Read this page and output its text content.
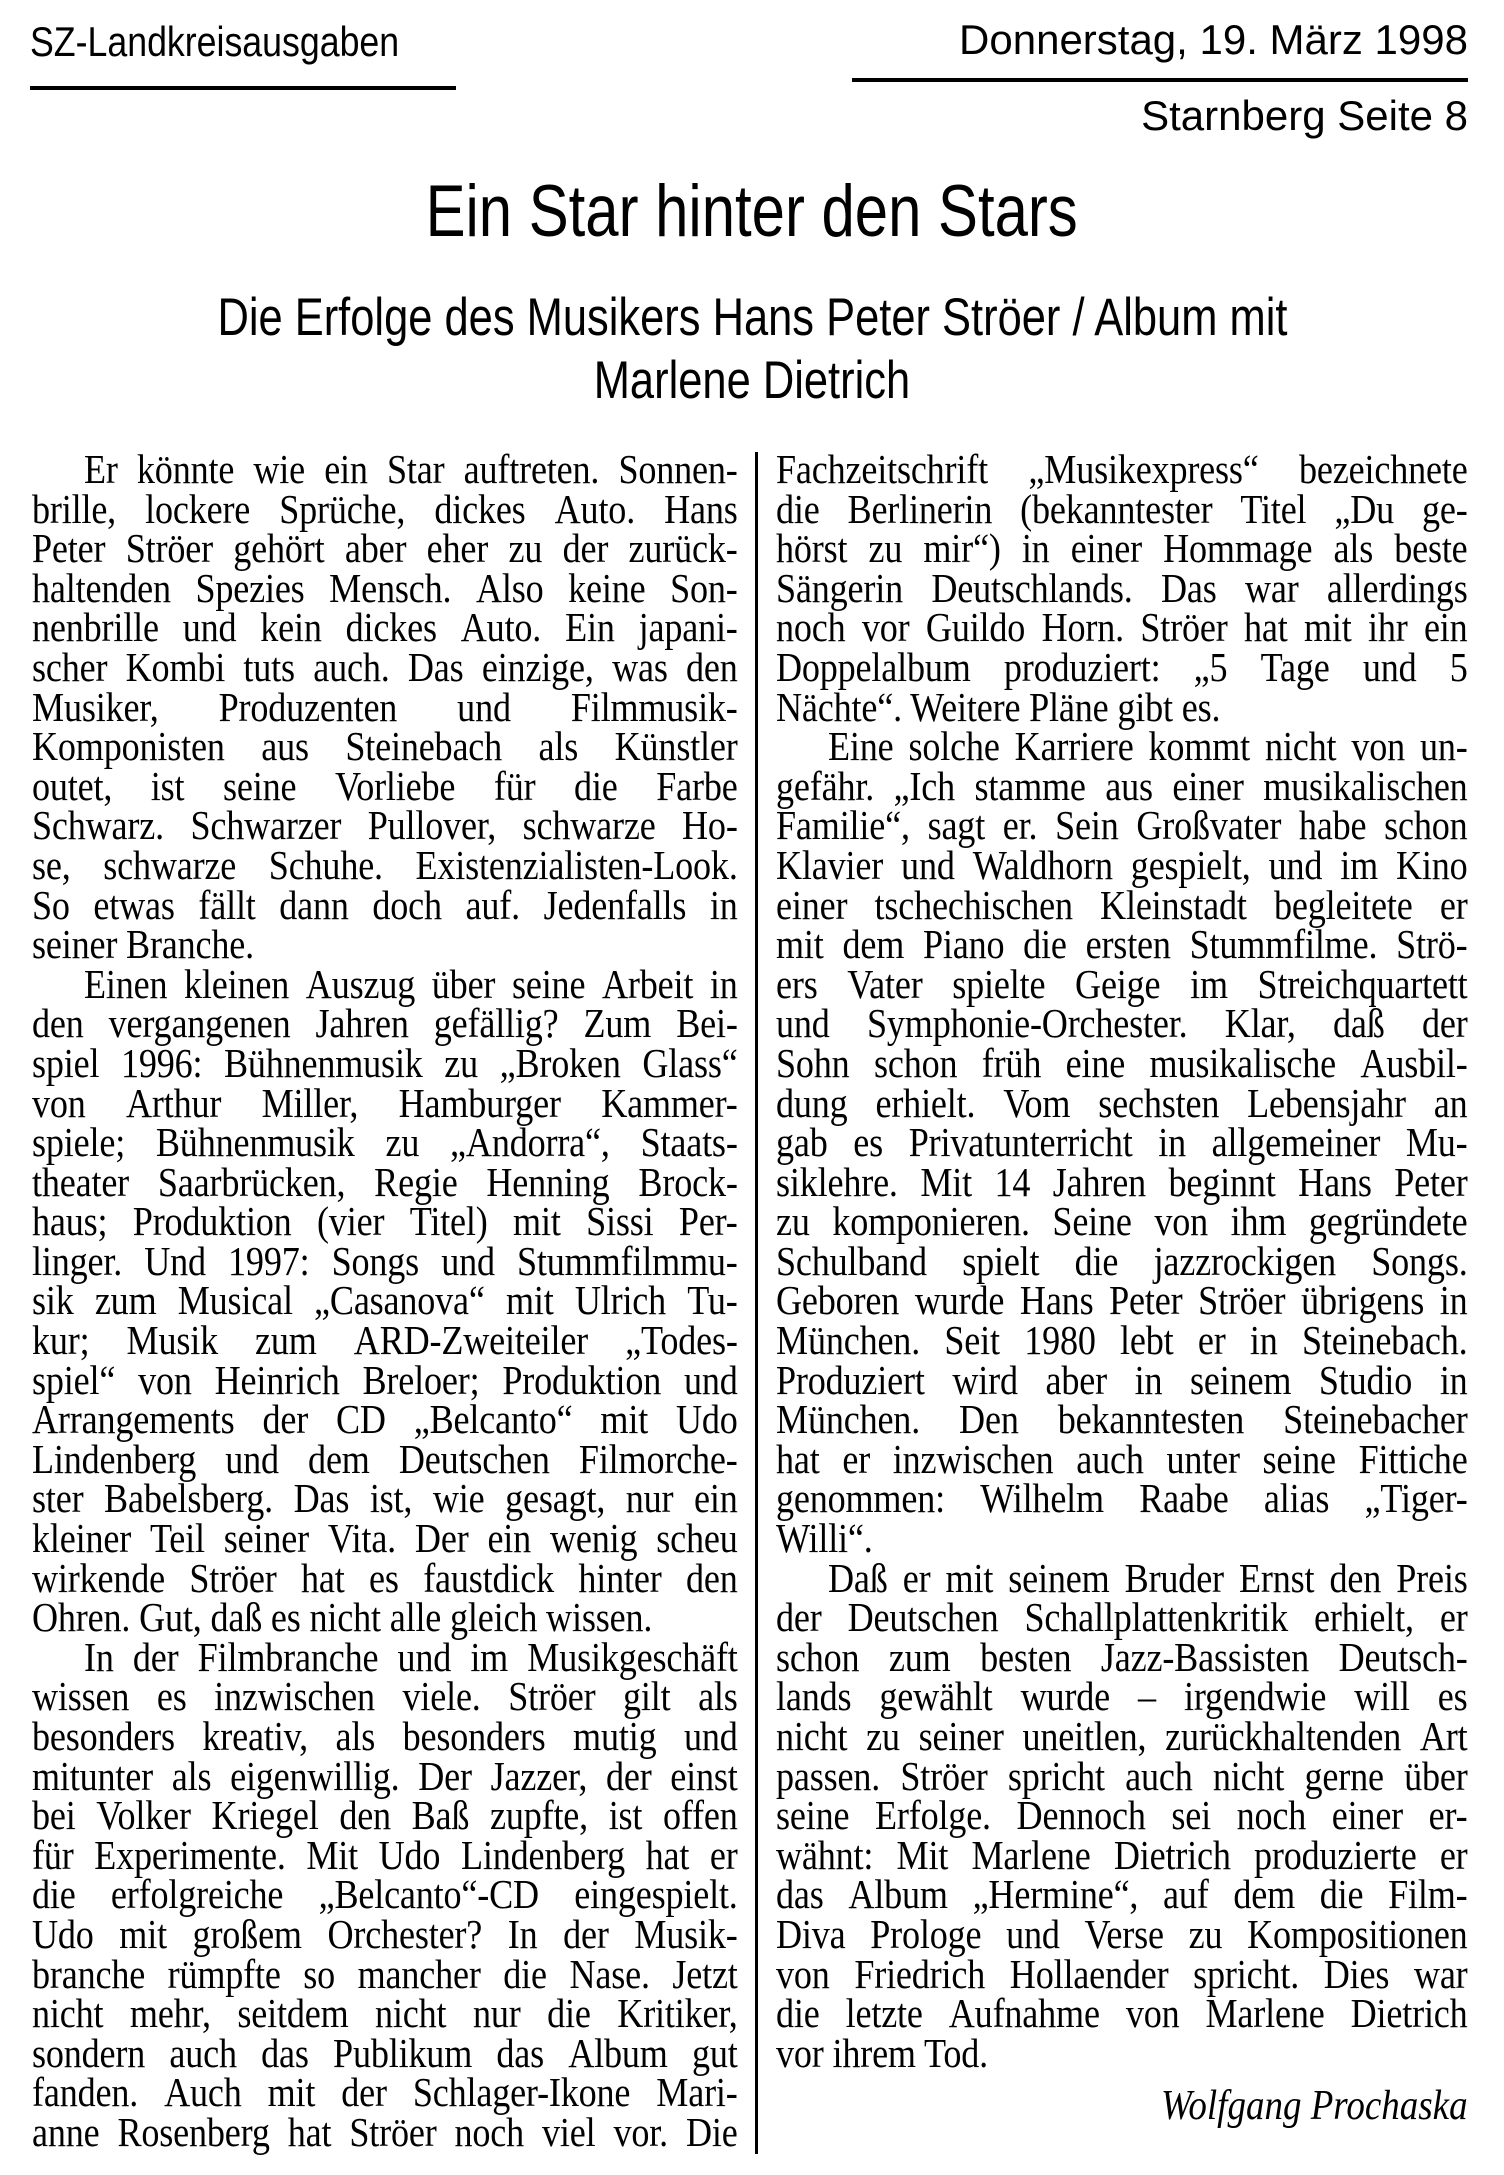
SZ-Landkreisausgaben	Donnerstag, 19. März 1998
Starnberg Seite 8
Ein Star hinter den Stars
Die Erfolge des Musikers Hans Peter Ströer / Album mit
Marlene Dietrich
Er könnte wie ein Star auftreten. Sonnen-
brille, lockere Sprüche, dickes Auto. Hans
Peter Ströer gehört aber eher zu der zurück-
haltenden Spezies Mensch. Also keine Son-
nenbrille und kein dickes Auto. Ein japani-
scher Kombi tuts auch. Das einzige, was den
Musiker, Produzenten und Filmmusik-
Komponisten aus Steinebach als Künstler
outet, ist seine Vorliebe für die Farbe
Schwarz. Schwarzer Pullover, schwarze Ho-
se, schwarze Schuhe. Existenzialisten-Look.
So etwas fällt dann doch auf. Jedenfalls in
seiner Branche.
Einen kleinen Auszug über seine Arbeit in
den vergangenen Jahren gefällig? Zum Bei-
spiel 1996: Bühnenmusik zu „Broken Glass“
von Arthur Miller, Hamburger Kammer-
spiele; Bühnenmusik zu „Andorra“, Staats-
theater Saarbrücken, Regie Henning Brock-
haus; Produktion (vier Titel) mit Sissi Per-
linger. Und 1997: Songs und Stummfilmmu-
sik zum Musical „Casanova“ mit Ulrich Tu-
kur; Musik zum ARD-Zweiteiler „Todes-
spiel“ von Heinrich Breloer; Produktion und
Arrangements der CD „Belcanto“ mit Udo
Lindenberg und dem Deutschen Filmorche-
ster Babelsberg. Das ist, wie gesagt, nur ein
kleiner Teil seiner Vita. Der ein wenig scheu
wirkende Ströer hat es faustdick hinter den
Ohren. Gut, daß es nicht alle gleich wissen.
In der Filmbranche und im Musikgeschäft
wissen es inzwischen viele. Ströer gilt als
besonders kreativ, als besonders mutig und
mitunter als eigenwillig. Der Jazzer, der einst
bei Volker Kriegel den Baß zupfte, ist offen
für Experimente. Mit Udo Lindenberg hat er
die erfolgreiche „Belcanto“-CD eingespielt.
Udo mit großem Orchester? In der Musik-
branche rümpfte so mancher die Nase. Jetzt
nicht mehr, seitdem nicht nur die Kritiker,
sondern auch das Publikum das Album gut
fanden. Auch mit der Schlager-Ikone Mari-
anne Rosenberg hat Ströer noch viel vor. Die
Fachzeitschrift „Musikexpress“ bezeichnete
die Berlinerin (bekanntester Titel „Du ge-
hörst zu mir“) in einer Hommage als beste
Sängerin Deutschlands. Das war allerdings
noch vor Guildo Horn. Ströer hat mit ihr ein
Doppelalbum produziert: „5 Tage und 5
Nächte“. Weitere Pläne gibt es.
Eine solche Karriere kommt nicht von un-
gefähr. „Ich stamme aus einer musikalischen
Familie“, sagt er. Sein Großvater habe schon
Klavier und Waldhorn gespielt, und im Kino
einer tschechischen Kleinstadt begleitete er
mit dem Piano die ersten Stummfilme. Strö-
ers Vater spielte Geige im Streichquartett
und Symphonie-Orchester. Klar, daß der
Sohn schon früh eine musikalische Ausbil-
dung erhielt. Vom sechsten Lebensjahr an
gab es Privatunterricht in allgemeiner Mu-
siklehre. Mit 14 Jahren beginnt Hans Peter
zu komponieren. Seine von ihm gegründete
Schulband spielt die jazzrockigen Songs.
Geboren wurde Hans Peter Ströer übrigens in
München. Seit 1980 lebt er in Steinebach.
Produziert wird aber in seinem Studio in
München. Den bekanntesten Steinebacher
hat er inzwischen auch unter seine Fittiche
genommen: Wilhelm Raabe alias „Tiger-
Willi“.
Daß er mit seinem Bruder Ernst den Preis
der Deutschen Schallplattenkritik erhielt, er
schon zum besten Jazz-Bassisten Deutsch-
lands gewählt wurde – irgendwie will es
nicht zu seiner uneitlen, zurückhaltenden Art
passen. Ströer spricht auch nicht gerne über
seine Erfolge. Dennoch sei noch einer er-
wähnt: Mit Marlene Dietrich produzierte er
das Album „Hermine“, auf dem die Film-
Diva Prologe und Verse zu Kompositionen
von Friedrich Hollaender spricht. Dies war
die letzte Aufnahme von Marlene Dietrich
vor ihrem Tod.
Wolfgang Prochaska
